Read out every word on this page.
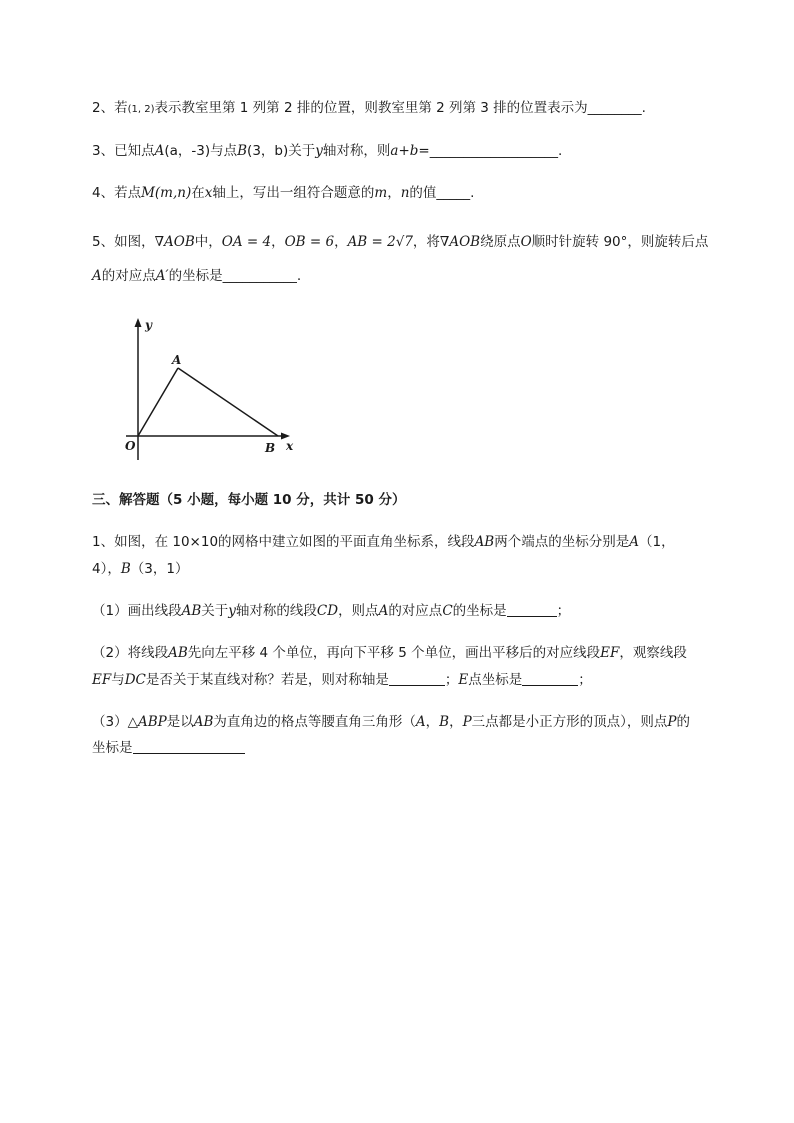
2、若(1, 2)表示教室里第 1 列第 2 排的位置，则教室里第 2 列第 3 排的位置表示为________.
3、已知点A(a，-3)与点B(3，b)关于y轴对称，则a+b=___________________.
4、若点M(m,n)在x轴上，写出一组符合题意的m，n的值_____.
5、如图，∇AOB中，OA = 4，OB = 6，AB = 2√7，将∇AOB绕原点O顺时针旋转 90°，则旋转后点
A的对应点A′的坐标是___________.
y
x
O
A
B
三、解答题（5 小题，每小题 10 分，共计 50 分）
1、如图，在 10×10的网格中建立如图的平面直角坐标系，线段AB两个端点的坐标分别是A（1，
4），B（3，1）
（1）画出线段AB关于y轴对称的线段CD，则点A的对应点C的坐标是	；
（2）将线段AB先向左平移 4 个单位，再向下平移 5 个单位，画出平移后的对应线段EF，观察线段
EF与DC是否关于某直线对称？若是，则对称轴是	；E点坐标是	；
（3）△ABP是以AB为直角边的格点等腰直角三角形（A，B，P三点都是小正方形的顶点），则点P的
坐标是
